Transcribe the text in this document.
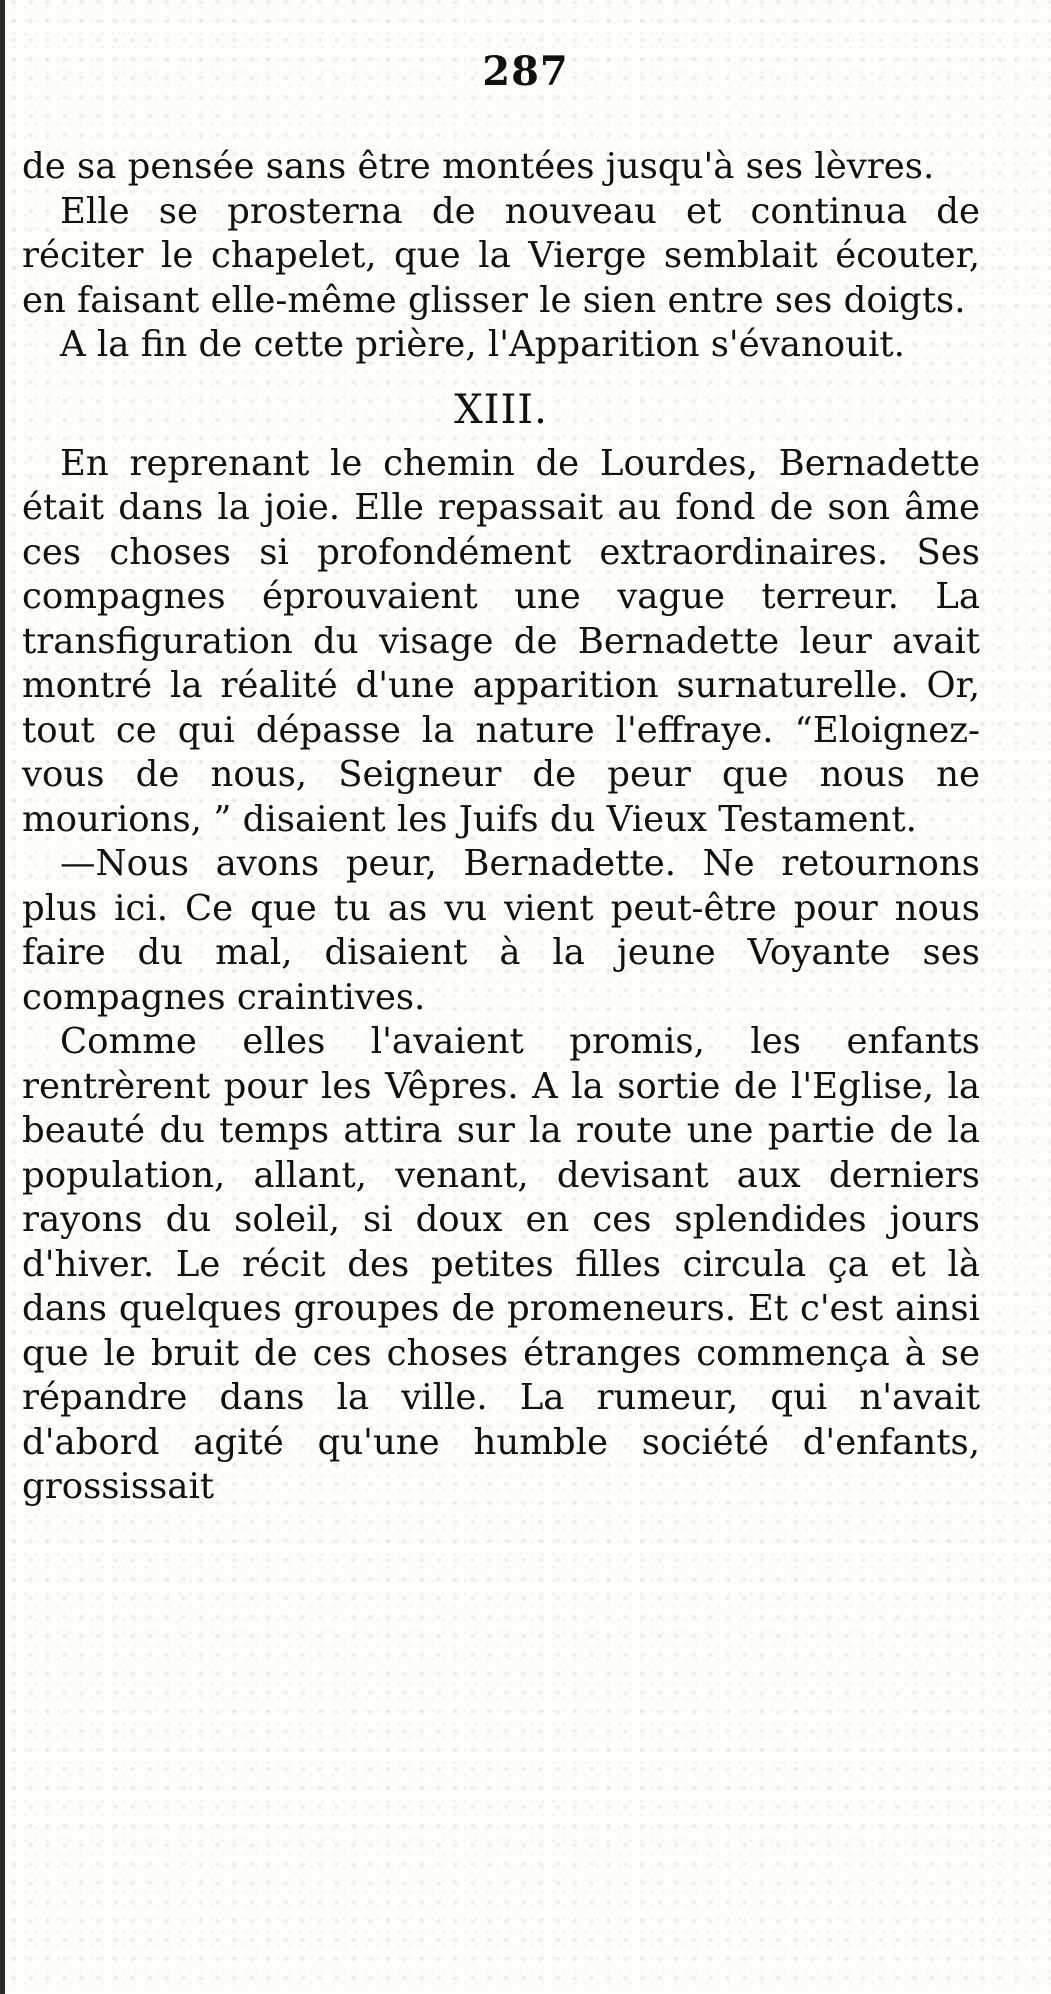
287

de sa pensée sans être montées jusqu'à ses lèvres.

Elle se prosterna de nouveau et continua de réciter le chapelet, que la Vierge semblait écouter, en faisant elle-même glisser le sien entre ses doigts.

A la fin de cette prière, l'Apparition s'évanouit.

XIII.

En reprenant le chemin de Lourdes, Bernadette était dans la joie. Elle repassait au fond de son âme ces choses si profondément extraordinaires. Ses compagnes éprouvaient une vague terreur. La transfiguration du visage de Bernadette leur avait montré la réalité d'une apparition surnaturelle. Or, tout ce qui dépasse la nature l'effraye. “Eloignez-vous de nous, Seigneur de peur que nous ne mourions, ” disaient les Juifs du Vieux Testament.

—Nous avons peur, Bernadette. Ne retournons plus ici. Ce que tu as vu vient peut-être pour nous faire du mal, disaient à la jeune Voyante ses compagnes craintives.

Comme elles l'avaient promis, les enfants rentrèrent pour les Vêpres. A la sortie de l'Eglise, la beauté du temps attira sur la route une partie de la population, allant, venant, devisant aux derniers rayons du soleil, si doux en ces splendides jours d'hiver. Le récit des petites filles circula ça et là dans quelques groupes de promeneurs. Et c'est ainsi que le bruit de ces choses étranges commença à se répandre dans la ville. La rumeur, qui n'avait d'abord agité qu'une humble société d'enfants, grossissait
